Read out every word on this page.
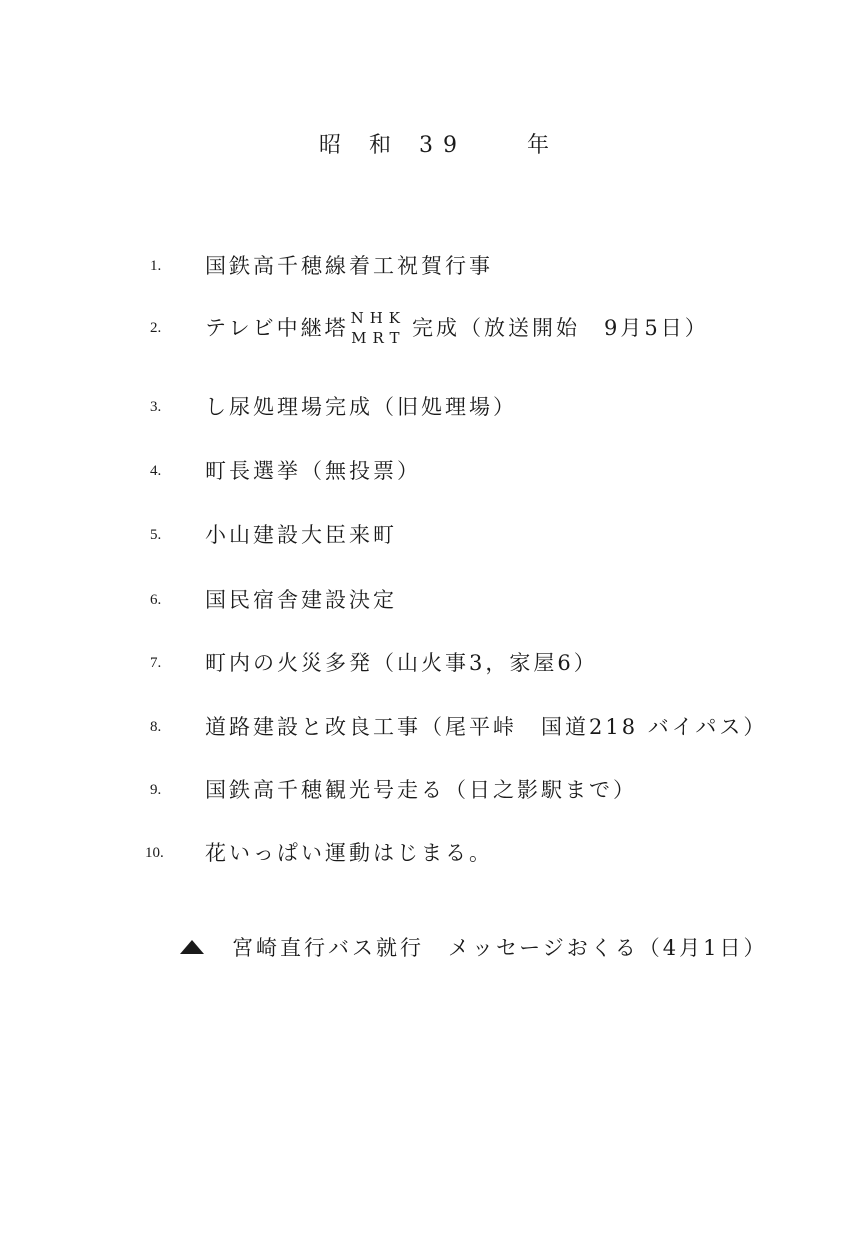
昭 和 39	年
1.	国鉄高千穂線着工祝賀行事
2.	テレビ中継塔 NHK
MRT 完成（放送開始　9月5日）
3.	し尿処理場完成（旧処理場）
4.	町長選挙（無投票）
5.	小山建設大臣来町
6.	国民宿舎建設決定
7.	町内の火災多発（山火事3，家屋6）
8.	道路建設と改良工事（尾平峠　国道218 バイパス）
9.	国鉄高千穂観光号走る（日之影駅まで）
10.	花いっぱい運動はじまる。
宮崎直行バス就行　メッセージおくる（4月1日）
